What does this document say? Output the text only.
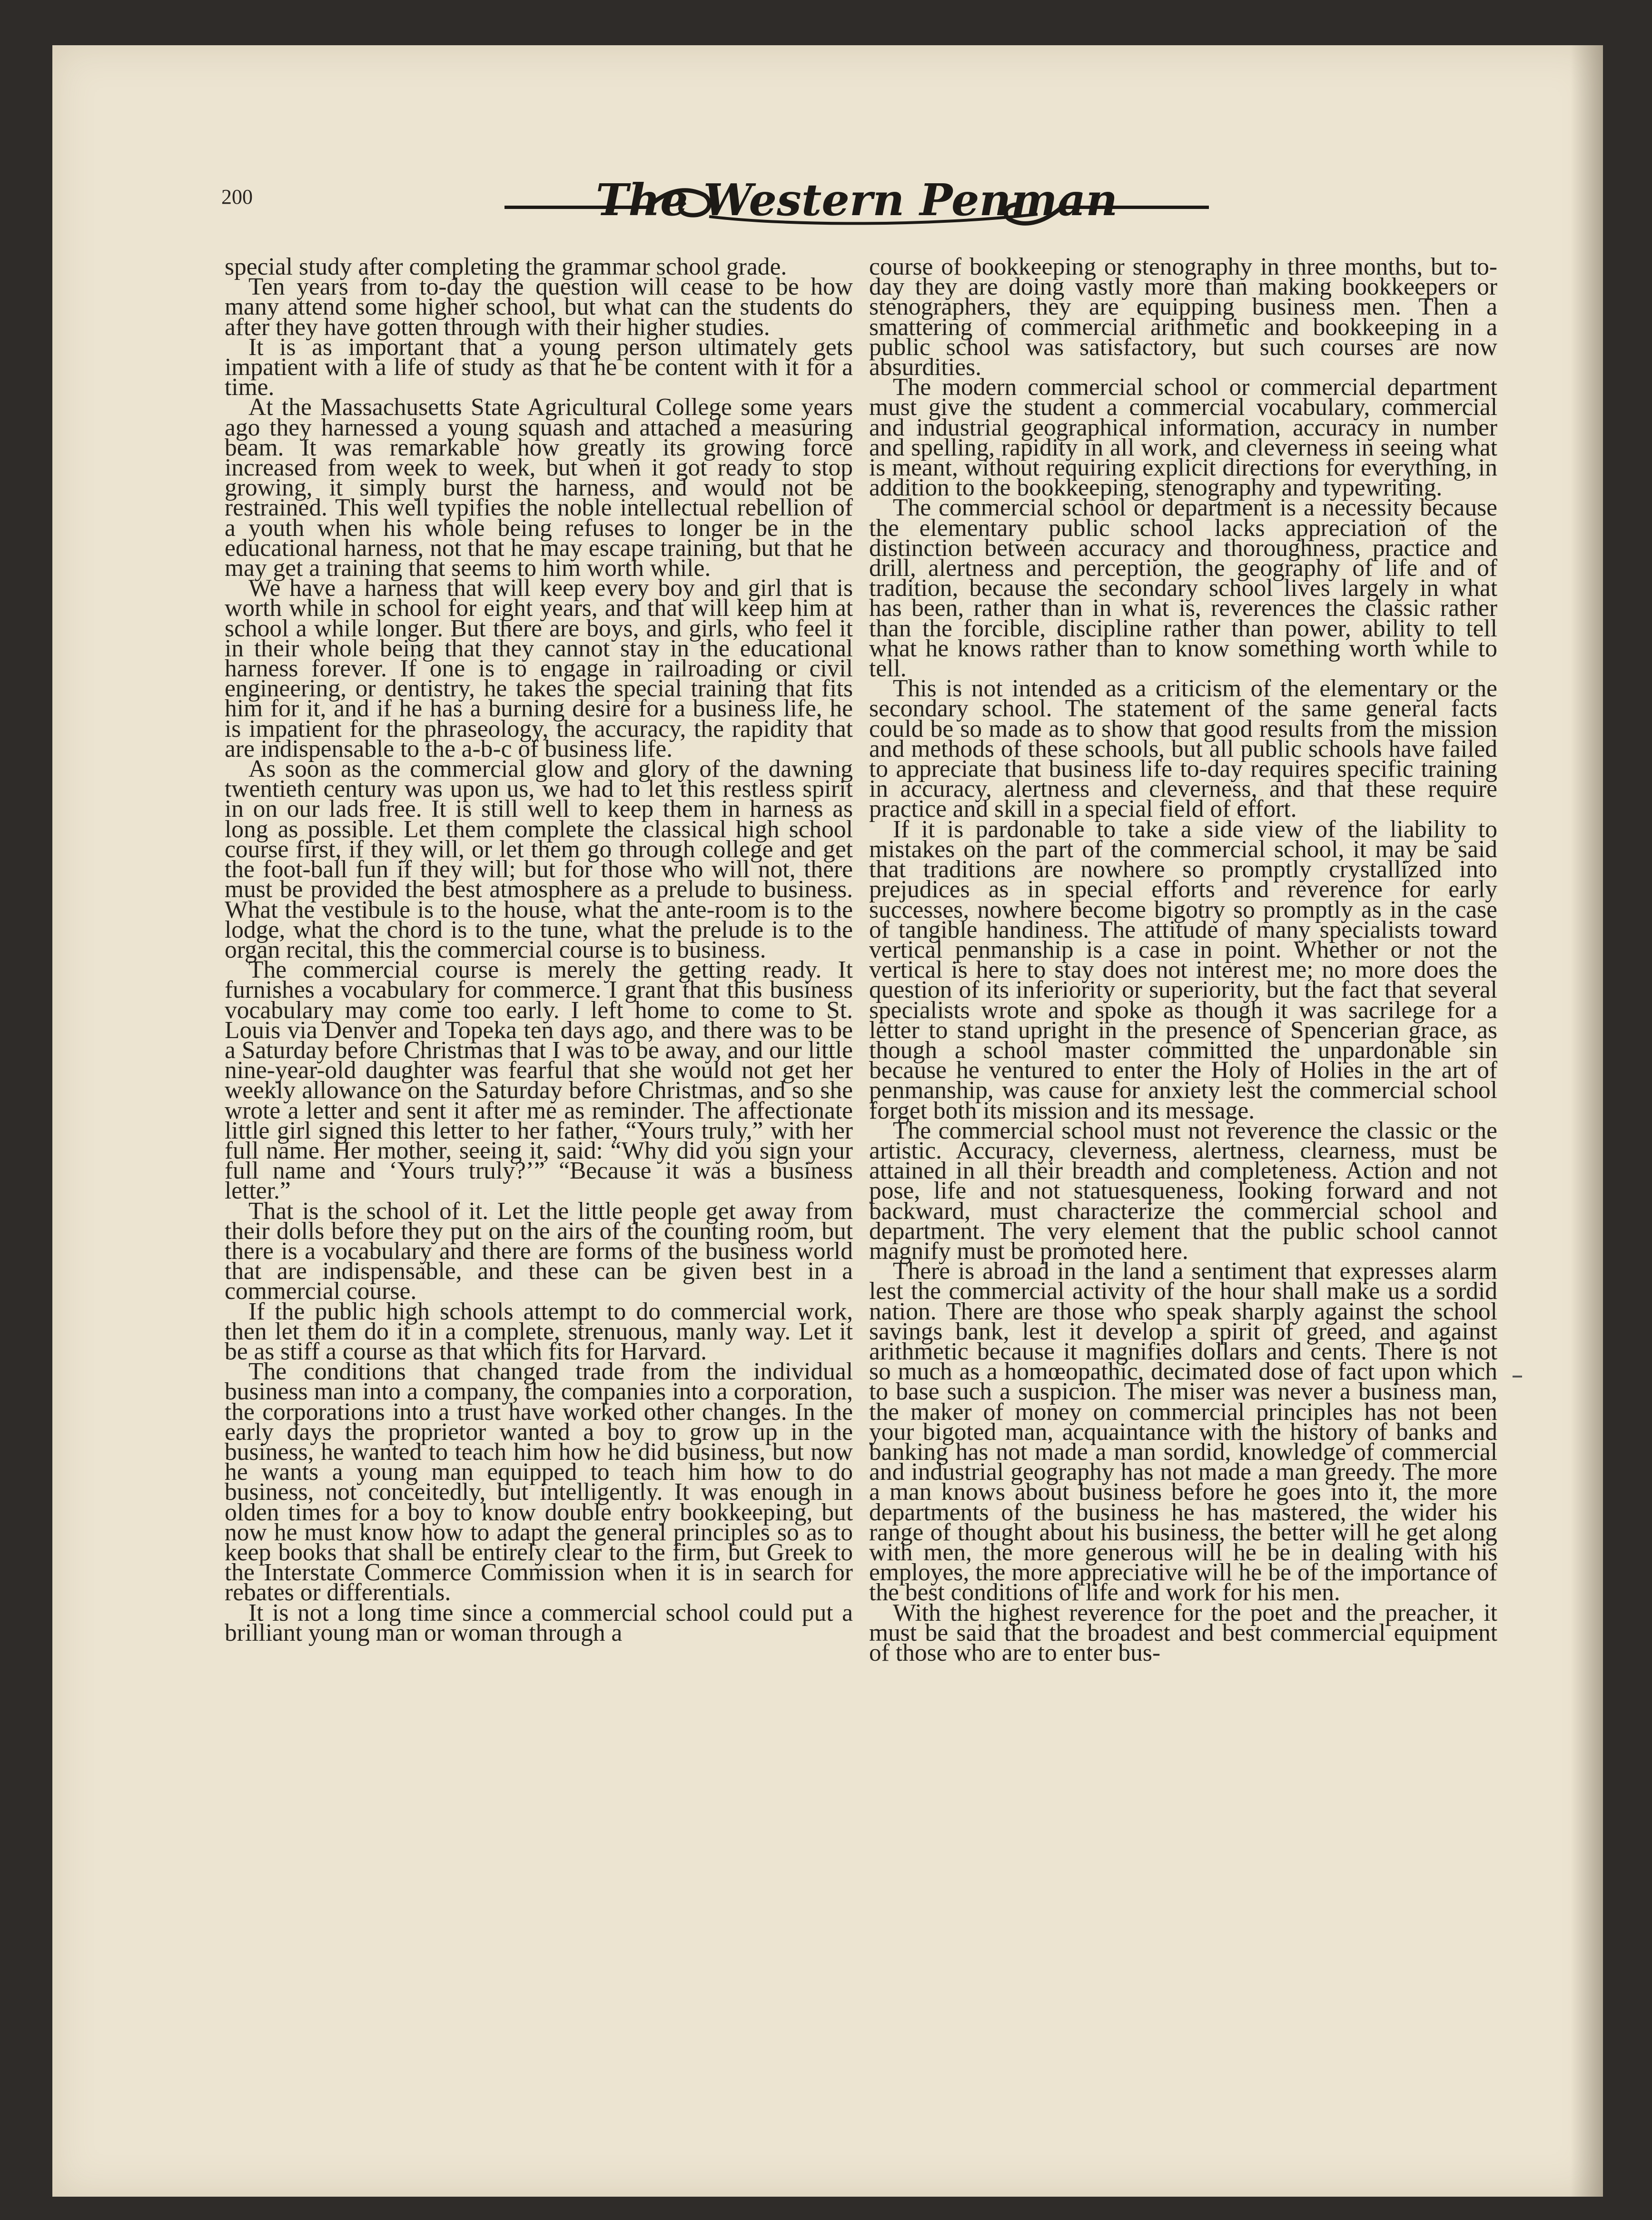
200	The Western Penman

special study after completing the grammar school grade.

Ten years from to-day the question will cease to be how many attend some higher school, but what can the students do after they have gotten through with their higher studies.

It is as important that a young person ultimately gets impatient with a life of study as that he be content with it for a time.

At the Massachusetts State Agricultural College some years ago they harnessed a young squash and attached a measuring beam. It was remarkable how greatly its growing force increased from week to week, but when it got ready to stop growing, it simply burst the harness, and would not be restrained. This well typifies the noble intellectual rebellion of a youth when his whole being refuses to longer be in the educational harness, not that he may escape training, but that he may get a training that seems to him worth while.

We have a harness that will keep every boy and girl that is worth while in school for eight years, and that will keep him at school a while longer. But there are boys, and girls, who feel it in their whole being that they cannot stay in the educational harness forever. If one is to engage in railroading or civil engineering, or dentistry, he takes the special training that fits him for it, and if he has a burning desire for a business life, he is impatient for the phraseology, the accuracy, the rapidity that are indispensable to the a-b-c of business life.

As soon as the commercial glow and glory of the dawning twentieth century was upon us, we had to let this restless spirit in on our lads free. It is still well to keep them in harness as long as possible. Let them complete the classical high school course first, if they will, or let them go through college and get the foot-ball fun if they will; but for those who will not, there must be provided the best atmosphere as a prelude to business. What the vestibule is to the house, what the ante-room is to the lodge, what the chord is to the tune, what the prelude is to the organ recital, this the commercial course is to business.

The commercial course is merely the getting ready. It furnishes a vocabulary for commerce. I grant that this business vocabulary may come too early. I left home to come to St. Louis via Denver and Topeka ten days ago, and there was to be a Saturday before Christmas that I was to be away, and our little nine-year-old daughter was fearful that she would not get her weekly allowance on the Saturday before Christmas, and so she wrote a letter and sent it after me as reminder. The affectionate little girl signed this letter to her father, “Yours truly,” with her full name. Her mother, seeing it, said: “Why did you sign your full name and ‘Yours truly?’” “Because it was a business letter.”

That is the school of it. Let the little people get away from their dolls before they put on the airs of the counting room, but there is a vocabulary and there are forms of the business world that are indispensable, and these can be given best in a commercial course.

If the public high schools attempt to do commercial work, then let them do it in a complete, strenuous, manly way. Let it be as stiff a course as that which fits for Harvard.

The conditions that changed trade from the individual business man into a company, the companies into a corporation, the corporations into a trust have worked other changes. In the early days the proprietor wanted a boy to grow up in the business, he wanted to teach him how he did business, but now he wants a young man equipped to teach him how to do business, not conceitedly, but intelligently. It was enough in olden times for a boy to know double entry bookkeeping, but now he must know how to adapt the general principles so as to keep books that shall be entirely clear to the firm, but Greek to the Interstate Commerce Commission when it is in search for rebates or differentials.

It is not a long time since a commercial school could put a brilliant young man or woman through a

course of bookkeeping or stenography in three months, but to-day they are doing vastly more than making bookkeepers or stenographers, they are equipping business men. Then a smattering of commercial arithmetic and bookkeeping in a public school was satisfactory, but such courses are now absurdities.

The modern commercial school or commercial department must give the student a commercial vocabulary, commercial and industrial geographical information, accuracy in number and spelling, rapidity in all work, and cleverness in seeing what is meant, without requiring explicit directions for everything, in addition to the bookkeeping, stenography and typewriting.

The commercial school or department is a necessity because the elementary public school lacks appreciation of the distinction between accuracy and thoroughness, practice and drill, alertness and perception, the geography of life and of tradition, because the secondary school lives largely in what has been, rather than in what is, reverences the classic rather than the forcible, discipline rather than power, ability to tell what he knows rather than to know something worth while to tell.

This is not intended as a criticism of the elementary or the secondary school. The statement of the same general facts could be so made as to show that good results from the mission and methods of these schools, but all public schools have failed to appreciate that business life to-day requires specific training in accuracy, alertness and cleverness, and that these require practice and skill in a special field of effort.

If it is pardonable to take a side view of the liability to mistakes on the part of the commercial school, it may be said that traditions are nowhere so promptly crystallized into prejudices as in special efforts and reverence for early successes, nowhere become bigotry so promptly as in the case of tangible handiness. The attitude of many specialists toward vertical penmanship is a case in point. Whether or not the vertical is here to stay does not interest me; no more does the question of its inferiority or superiority, but the fact that several specialists wrote and spoke as though it was sacrilege for a letter to stand upright in the presence of Spencerian grace, as though a school master committed the unpardonable sin because he ventured to enter the Holy of Holies in the art of penmanship, was cause for anxiety lest the commercial school forget both its mission and its message.

The commercial school must not reverence the classic or the artistic. Accuracy, cleverness, alertness, clearness, must be attained in all their breadth and completeness. Action and not pose, life and not statuesqueness, looking forward and not backward, must characterize the commercial school and department. The very element that the public school cannot magnify must be promoted here.

There is abroad in the land a sentiment that expresses alarm lest the commercial activity of the hour shall make us a sordid nation. There are those who speak sharply against the school savings bank, lest it develop a spirit of greed, and against arithmetic because it magnifies dollars and cents. There is not so much as a homœopathic, decimated dose of fact upon which to base such a suspicion. The miser was never a business man, the maker of money on commercial principles has not been your bigoted man, acquaintance with the history of banks and banking has not made a man sordid, knowledge of commercial and industrial geography has not made a man greedy. The more a man knows about business before he goes into it, the more departments of the business he has mastered, the wider his range of thought about his business, the better will he get along with men, the more generous will he be in dealing with his employes, the more appreciative will he be of the importance of the best conditions of life and work for his men.

With the highest reverence for the poet and the preacher, it must be said that the broadest and best commercial equipment of those who are to enter bus-
